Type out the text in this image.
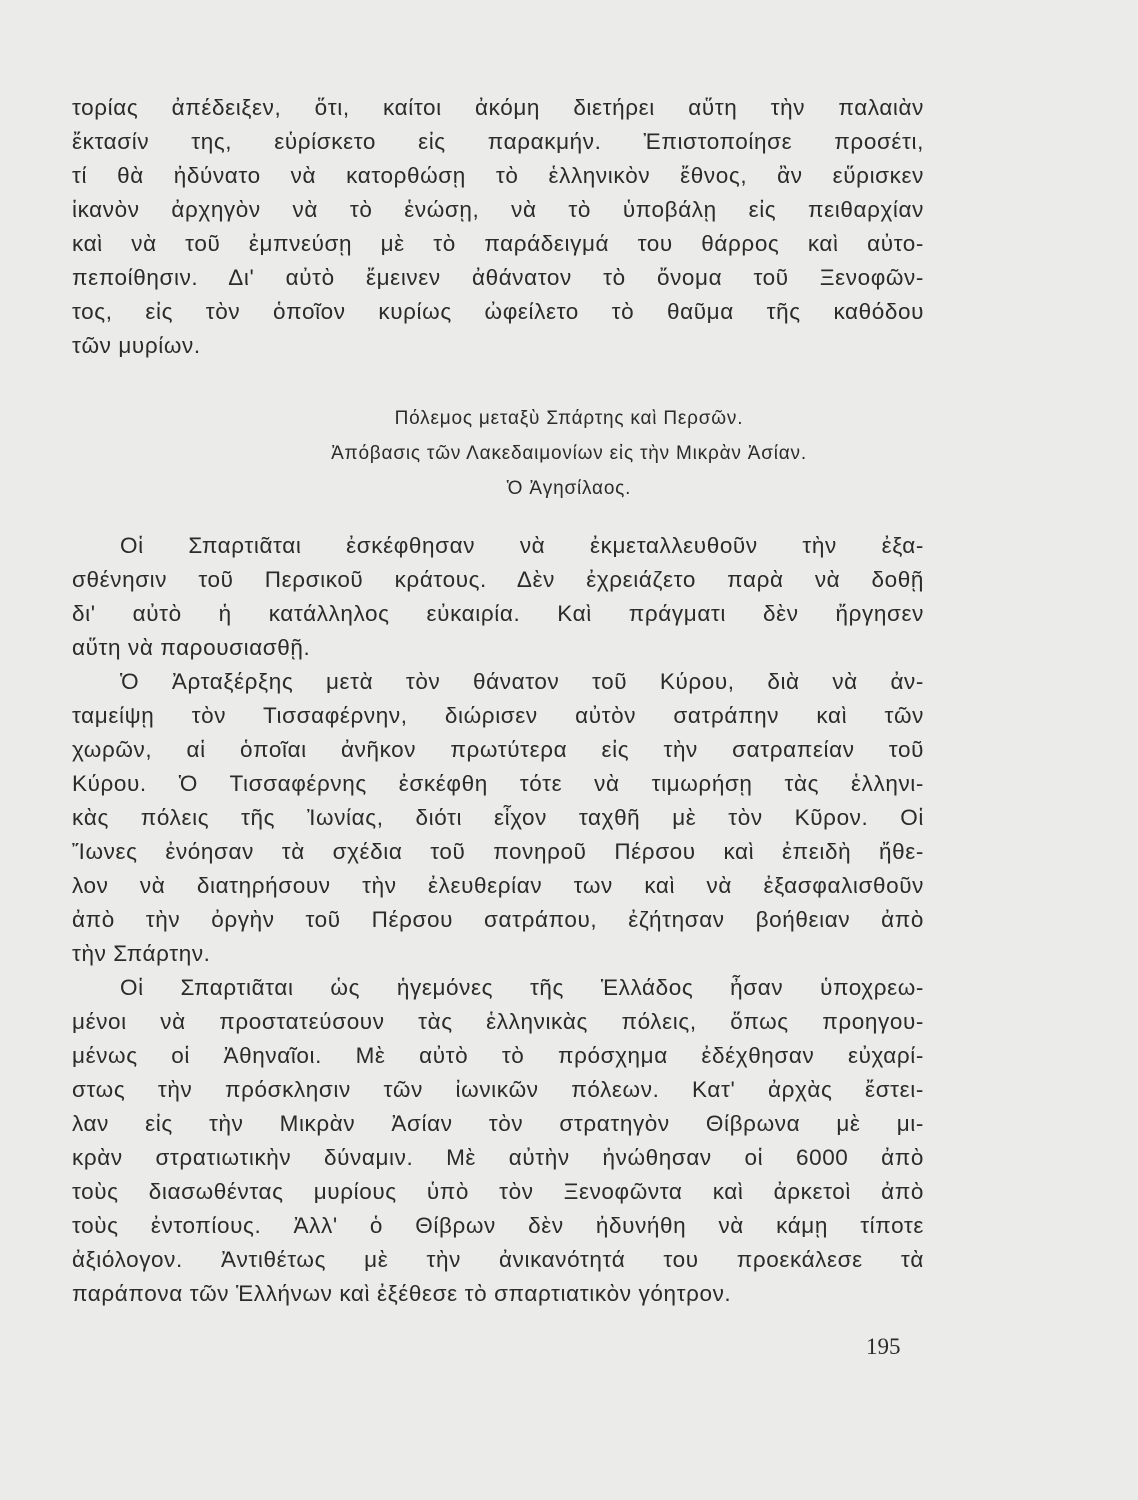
τορίας ἀπέδειξεν, ὅτι, καίτοι ἀκόμη διετήρει αὕτη τὴν παλαιὰν
ἔκτασίν της, εὑρίσκετο εἰς παρακμήν. Ἐπιστοποίησε προσέτι,
τί θὰ ἠδύνατο νὰ κατορθώσῃ τὸ ἑλληνικὸν ἔθνος, ἂν εὕρισκεν
ἱκανὸν ἀρχηγὸν νὰ τὸ ἑνώσῃ, νὰ τὸ ὑποβάλῃ εἰς πειθαρχίαν
καὶ νὰ τοῦ ἐμπνεύσῃ μὲ τὸ παράδειγμά του θάρρος καὶ αὐτο-
πεποίθησιν. Δι' αὐτὸ ἔμεινεν ἀθάνατον τὸ ὄνομα τοῦ Ξενοφῶν-
τος, εἰς τὸν ὁποῖον κυρίως ὠφείλετο τὸ θαῦμα τῆς καθόδου
τῶν μυρίων.
Πόλεμος μεταξὺ Σπάρτης καὶ Περσῶν.
Ἀπόβασις τῶν Λακεδαιμονίων εἰς τὴν Μικρὰν Ἀσίαν.
Ὁ Ἀγησίλαος.
Οἱ Σπαρτιᾶται ἐσκέφθησαν νὰ ἐκμεταλλευθοῦν τὴν ἐξα-
σθένησιν τοῦ Περσικοῦ κράτους. Δὲν ἐχρειάζετο παρὰ νὰ δοθῇ
δι' αὐτὸ ἡ κατάλληλος εὐκαιρία. Καὶ πράγματι δὲν ἤργησεν
αὕτη νὰ παρουσιασθῇ.
Ὁ Ἀρταξέρξης μετὰ τὸν θάνατον τοῦ Κύρου, διὰ νὰ ἀν-
ταμείψῃ τὸν Τισσαφέρνην, διώρισεν αὐτὸν σατράπην καὶ τῶν
χωρῶν, αἱ ὁποῖαι ἀνῆκον πρωτύτερα εἰς τὴν σατραπείαν τοῦ
Κύρου. Ὁ Τισσαφέρνης ἐσκέφθη τότε νὰ τιμωρήσῃ τὰς ἑλληνι-
κὰς πόλεις τῆς Ἰωνίας, διότι εἶχον ταχθῆ μὲ τὸν Κῦρον. Οἱ
Ἴωνες ἐνόησαν τὰ σχέδια τοῦ πονηροῦ Πέρσου καὶ ἐπειδὴ ἤθε-
λον νὰ διατηρήσουν τὴν ἐλευθερίαν των καὶ νὰ ἐξασφαλισθοῦν
ἀπὸ τὴν ὀργὴν τοῦ Πέρσου σατράπου, ἐζήτησαν βοήθειαν ἀπὸ
τὴν Σπάρτην.
Οἱ Σπαρτιᾶται ὡς ἡγεμόνες τῆς Ἑλλάδος ἦσαν ὑποχρεω-
μένοι νὰ προστατεύσουν τὰς ἑλληνικὰς πόλεις, ὅπως προηγου-
μένως οἱ Ἀθηναῖοι. Μὲ αὐτὸ τὸ πρόσχημα ἐδέχθησαν εὐχαρί-
στως τὴν πρόσκλησιν τῶν ἰωνικῶν πόλεων. Κατ' ἀρχὰς ἔστει-
λαν εἰς τὴν Μικρὰν Ἀσίαν τὸν στρατηγὸν Θίβρωνα μὲ μι-
κρὰν στρατιωτικὴν δύναμιν. Μὲ αὐτὴν ἠνώθησαν οἱ 6000 ἀπὸ
τοὺς διασωθέντας μυρίους ὑπὸ τὸν Ξενοφῶντα καὶ ἀρκετοὶ ἀπὸ
τοὺς ἐντοπίους. Ἀλλ' ὁ Θίβρων δὲν ἠδυνήθη νὰ κάμῃ τίποτε
ἀξιόλογον. Ἀντιθέτως μὲ τὴν ἀνικανότητά του προεκάλεσε τὰ
παράπονα τῶν Ἑλλήνων καὶ ἐξέθεσε τὸ σπαρτιατικὸν γόητρον.
195
